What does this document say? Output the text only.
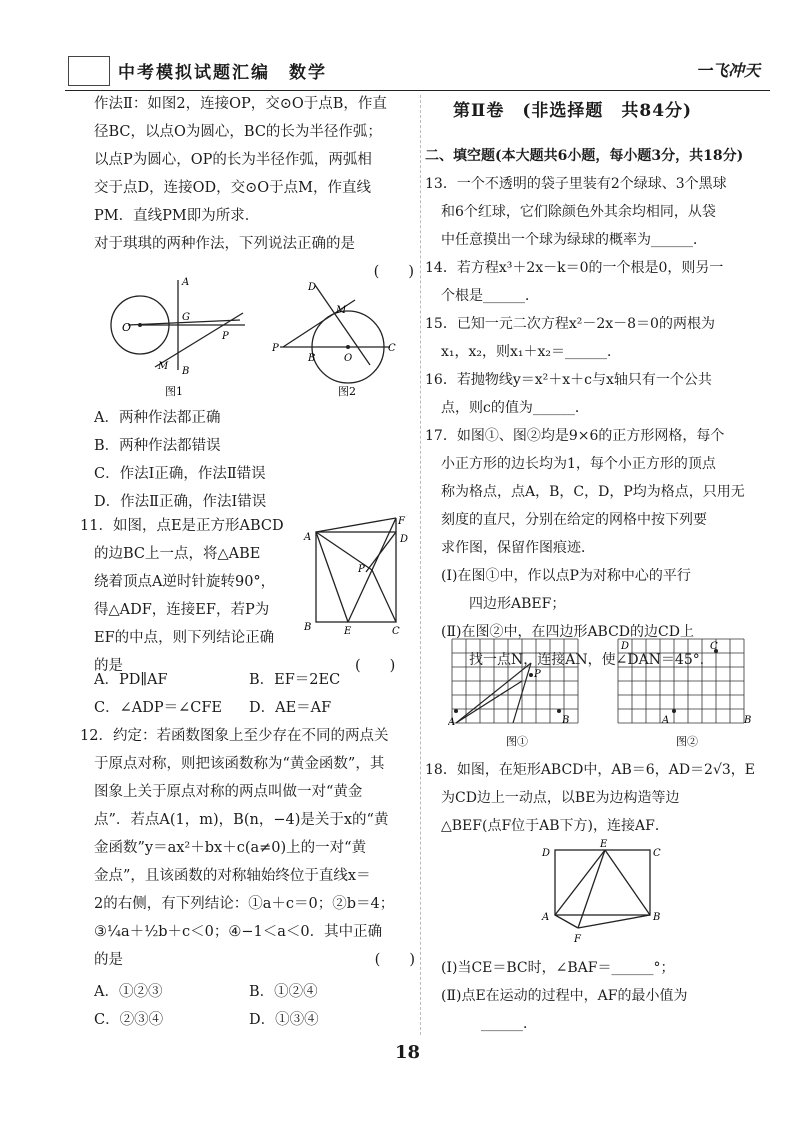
中考模拟试题汇编　数学	一飞冲天

作法Ⅱ：如图2，连接OP，交⊙O于点B，作直

径BC，以点O为圆心，BC的长为半径作弧；

以点P为圆心，OP的长为半径作弧，两弧相

交于点D，连接OD，交⊙O于点M，作直线

PM．直线PM即为所求．

对于琪琪的两种作法，下列说法正确的是

(　　)

O
A
G
B
M
P
图1
D
M
P
B	O
C
图2

A．两种作法都正确

B．两种作法都错误

C．作法Ⅰ正确，作法Ⅱ错误

D．作法Ⅱ正确，作法Ⅰ错误

11．如图，点E是正方形ABCD

的边BC上一点，将△ABE

绕着顶点A逆时针旋转90°，

得△ADF，连接EF，若P为

EF的中点，则下列结论正确

的是	(　　)
A
F
D
P
B	E	C

A．PD∥AF	B．EF＝2EC

C．∠ADP＝∠CFE D．AE＝AF

12．约定：若函数图象上至少存在不同的两点关

于原点对称，则把该函数称为“黄金函数”，其

图象上关于原点对称的两点叫做一对“黄金

点”．若点A(1，m)，B(n，−4)是关于x的“黄

金函数”y＝ax²＋bx＋c(a≠0)上的一对“黄

金点”，且该函数的对称轴始终位于直线x＝

2的右侧，有下列结论：①a＋c＝0；②b＝4；

③¼a＋½b＋c＜0；④−1＜a＜0．其中正确

的是	(　　)

A．①②③	B．①②④

C．②③④	D．①③④

第Ⅱ卷　(非选择题　共84分)

二、填空题(本大题共6小题，每小题3分，共18分)

13．一个不透明的袋子里装有2个绿球、3个黑球

和6个红球，它们除颜色外其余均相同，从袋

中任意摸出一个球为绿球的概率为______．

14．若方程x³＋2x－k＝0的一个根是0，则另一

个根是______．

15．已知一元二次方程x²－2x－8＝0的两根为

x₁，x₂，则x₁＋x₂＝______．

16．若抛物线y＝x²＋x＋c与x轴只有一个公共

点，则c的值为______．

17．如图①、图②均是9×6的正方形网格，每个

小正方形的边长均为1，每个小正方形的顶点

称为格点，点A，B，C，D，P均为格点，只用无

刻度的直尺，分别在给定的网格中按下列要

求作图，保留作图痕迹．

(Ⅰ)在图①中，作以点P为对称中心的平行

四边形ABEF；

(Ⅱ)在图②中，在四边形ABCD的边CD上

找一点N，连接AN，使∠DAN＝45°．

A
P
B
D	C
A	B
图①	图②

18．如图，在矩形ABCD中，AB＝6，AD＝2√3，E

为CD边上一动点，以BE为边构造等边

△BEF(点F位于AB下方)，连接AF．

D
E
C
A	B
F

(Ⅰ)当CE＝BC时，∠BAF＝______°；

(Ⅱ)点E在运动的过程中，AF的最小值为

______．

18
